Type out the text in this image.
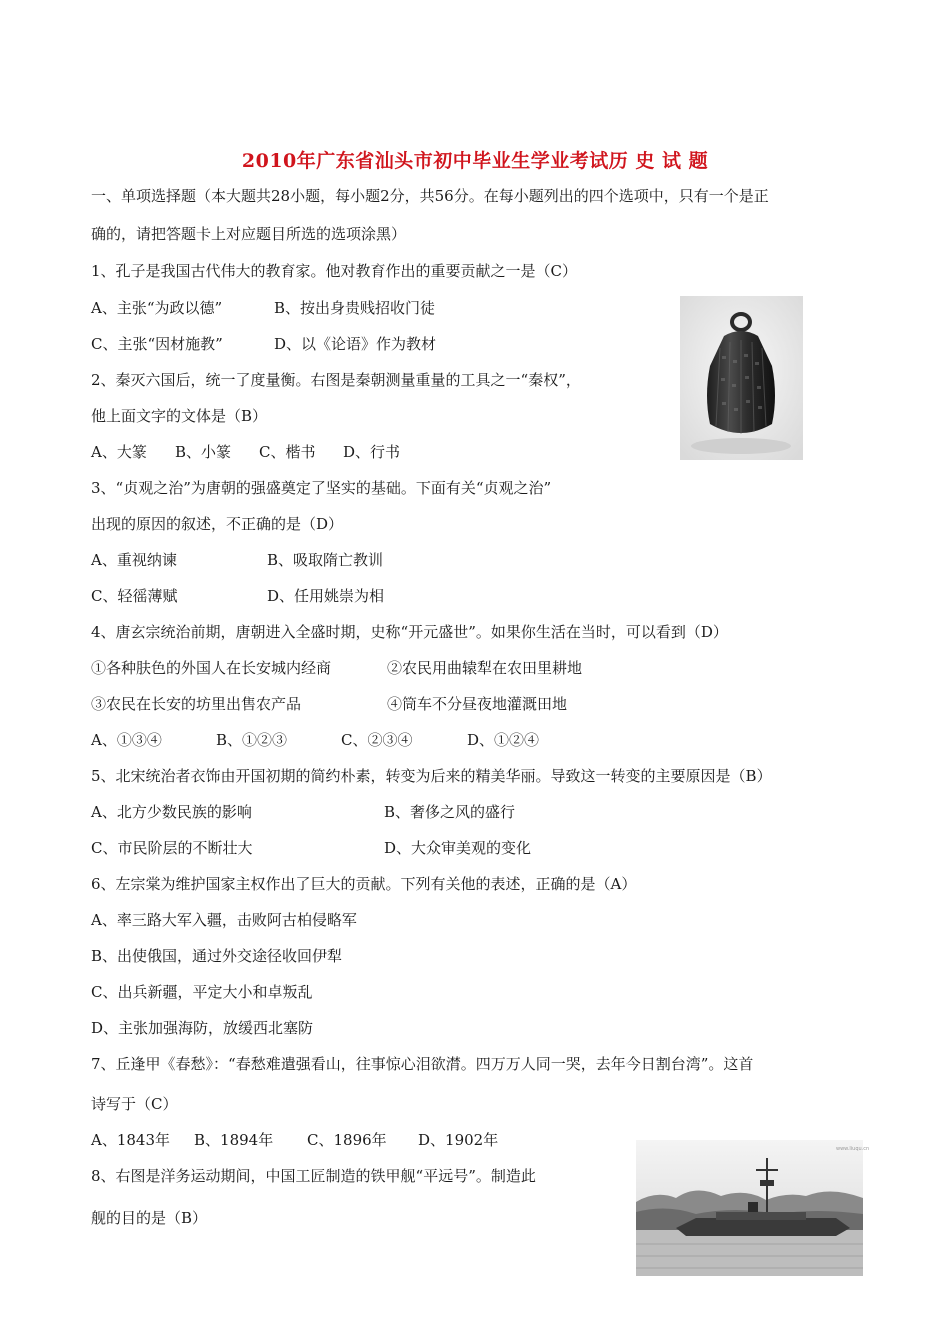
2010年广东省汕头市初中毕业生学业考试历 史 试 题
一、单项选择题（本大题共28小题，每小题2分，共56分。在每小题列出的四个选项中，只有一个是正
确的，请把答题卡上对应题目所选的选项涂黑）
1、孔子是我国古代伟大的教育家。他对教育作出的重要贡献之一是（C）
A、主张“为政以德”	B、按出身贵贱招收门徒
C、主张“因材施教”	D、以《论语》作为教材
2、秦灭六国后，统一了度量衡。右图是秦朝测量重量的工具之一“秦权”，
他上面文字的文体是（B）
A、大篆 B、小篆 C、楷书 D、行书
3、“贞观之治”为唐朝的强盛奠定了坚实的基础。下面有关“贞观之治”
出现的原因的叙述，不正确的是（D）
A、重视纳谏	B、吸取隋亡教训
C、轻徭薄赋	D、任用姚崇为相
4、唐玄宗统治前期，唐朝进入全盛时期，史称“开元盛世”。如果你生活在当时，可以看到（D）
①各种肤色的外国人在长安城内经商	②农民用曲辕犁在农田里耕地
③农民在长安的坊里出售农产品	④筒车不分昼夜地灌溉田地
A、①③④	B、①②③	C、②③④	D、①②④
5、北宋统治者衣饰由开国初期的简约朴素，转变为后来的精美华丽。导致这一转变的主要原因是（B）
A、北方少数民族的影响	B、奢侈之风的盛行
C、市民阶层的不断壮大	D、大众审美观的变化
6、左宗棠为维护国家主权作出了巨大的贡献。下列有关他的表述，正确的是（A）
A、率三路大军入疆，击败阿古柏侵略军
B、出使俄国，通过外交途径收回伊犁
C、出兵新疆，平定大小和卓叛乱
D、主张加强海防，放缓西北塞防
7、丘逢甲《春愁》：“春愁难遣强看山，往事惊心泪欲潸。四万万人同一哭，去年今日割台湾”。这首
诗写于（C）
A、1843年 B、1894年 C、1896年 D、1902年
8、右图是洋务运动期间，中国工匠制造的铁甲舰“平远号”。制造此
舰的目的是（B）
www.liuqu.cn
